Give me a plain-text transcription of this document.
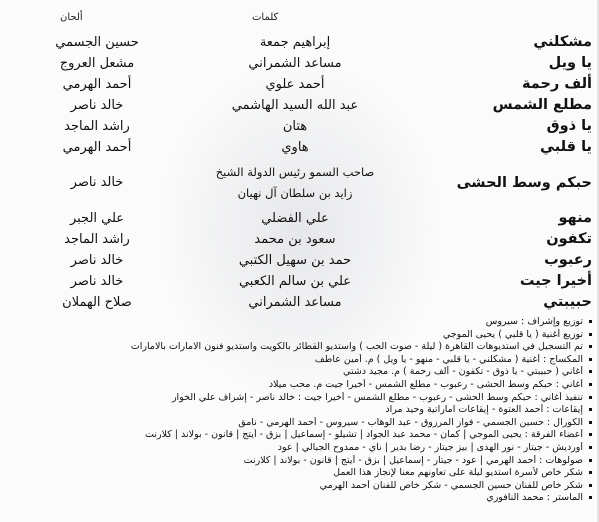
كلمات
ألحان
مشكلني
يا ويل
ألف رحمة
مطلع الشمس
يا ذوق
يا قلبي
حبكم وسط الحشى
منهو
تكفون
رعبوب
أخيرا جيت
حبيبتي
إبراهيم جمعة
مساعد الشمراني
أحمد علوي
عبد الله السيد الهاشمي
هتان
هاوي
صاحب السمو رئيس الدولة الشيخ
زايد بن سلطان آل نهيان
علي الفضلي
سعود بن محمد
حمد بن سهيل الكتبي
علي بن سالم الكعبي
مساعد الشمراني
حسين الجسمي
مشعل العروج
أحمد الهرمي
خالد ناصر
راشد الماجد
أحمد الهرمي
خالد ناصر
علي الجبر
راشد الماجد
خالد ناصر
خالد ناصر
صلاح الهملان
توزيع وإشراف : سيروس
توزيع أغنية ( يا قلبي ) يحيى الموجي
تم التسجيل في استديوهات القاهرة ( ليلة - صوت الحب ) واستديو القطائر بالكويت واستديو فنون الامارات بالامارات
المكساج : أغنية ( مشكلني - يا قلبي - منهو - يا ويل ) م. أمين عاطف
أغاني ( حبيبتي - يا ذوق - تكفون - ألف رحمة ) م. مجيد دشتي
أغاني : حبكم وسط الحشى - رعبوب - مطلع الشمس - أخيرا جيت م. محب ميلاد
تنفيذ أغاني : حبكم وسط الحشى - رعبوب - مطلع الشمس - أخيرا جيت : خالد ناصر - إشراف علي الخوار
إيقاعات : أحمد العتوة - إيقاعات اماراتية وحيد مراد
الكورال : حسين الجسمي - فواز المرزوق - عبد الوهاب - سيروس - أحمد الهرمي - نامق
أعضاء الفرقة : يحيى الموجي | كمان - محمد عبد الجواد | تشيلو - إسماعيل | بزق - أيتج | قانون - بولاند | كلارنت
أورديش - جيتار - نور الهدى | بيز جيتار - رضا بدير | ناي - ممدوح الجبالي | عود
صولوهات : أحمد الهرمي | عود - جيتار - إسماعيل | بزق - أيتج | قانون - بولاند | كلارنت
شكر خاص لأسرة استديو ليلة على تعاونهم معنا لإنجاز هذا العمل
شكر خاص للفنان حسين الجسمي - شكر خاص للفنان أحمد الهرمي
الماستر : محمد النافوري
